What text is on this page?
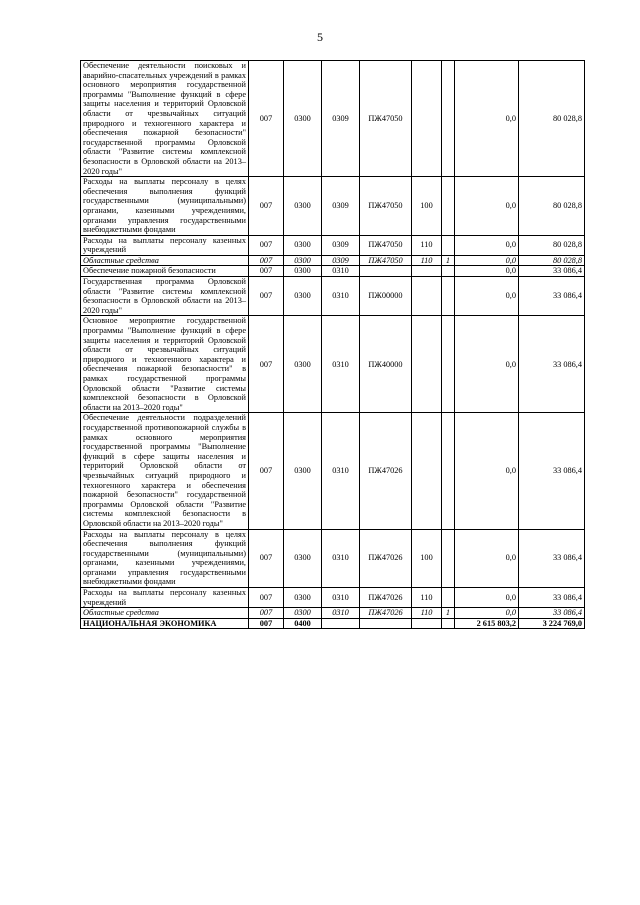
5
Обеспечение деятельности поисковых и аварийно-спасательных учреждений в рамках основного мероприятия государственной программы "Выполнение функций в сфере защиты населения и территорий Орловской области от чрезвычайных ситуаций природного и техногенного характера и обеспечения пожарной безопасности" государственной программы Орловской области "Развитие системы комплексной безопасности в Орловской области на 2013–2020 годы"	007	0300	0309	ПЖ47050			0,0	80 028,8
Расходы на выплаты персоналу в целях обеспечения выполнения функций государственными (муниципальными) органами, казенными учреждениями, органами управления государственными внебюджетными фондами	007	0300	0309	ПЖ47050	100		0,0	80 028,8
Расходы на выплаты персоналу казенных учреждений	007	0300	0309	ПЖ47050	110		0,0	80 028,8
Областные средства	007	0300	0309	ПЖ47050	110	1	0,0	80 028,8
Обеспечение пожарной безопасности	007	0300	0310				0,0	33 086,4
Государственная программа Орловской области "Развитие системы комплексной безопасности в Орловской области на 2013–2020 годы"	007	0300	0310	ПЖ00000			0,0	33 086,4
Основное мероприятие государственной программы "Выполнение функций в сфере защиты населения и территорий Орловской области от чрезвычайных ситуаций природного и техногенного характера и обеспечения пожарной безопасности" в рамках государственной программы Орловской области "Развитие системы комплексной безопасности в Орловской области на 2013–2020 годы"	007	0300	0310	ПЖ40000			0,0	33 086,4
Обеспечение деятельности подразделений государственной противопожарной службы в рамках основного мероприятия государственной программы "Выполнение функций в сфере защиты населения и территорий Орловской области от чрезвычайных ситуаций природного и техногенного характера и обеспечения пожарной безопасности" государственной программы Орловской области "Развитие системы комплексной безопасности в Орловской области на 2013–2020 годы"	007	0300	0310	ПЖ47026			0,0	33 086,4
Расходы на выплаты персоналу в целях обеспечения выполнения функций государственными (муниципальными) органами, казенными учреждениями, органами управления государственными внебюджетными фондами	007	0300	0310	ПЖ47026	100		0,0	33 086,4
Расходы на выплаты персоналу казенных учреждений	007	0300	0310	ПЖ47026	110		0,0	33 086,4
Областные средства	007	0300	0310	ПЖ47026	110	1	0,0	33 086,4
НАЦИОНАЛЬНАЯ ЭКОНОМИКА	007	0400					2 615 803,2	3 224 769,0
